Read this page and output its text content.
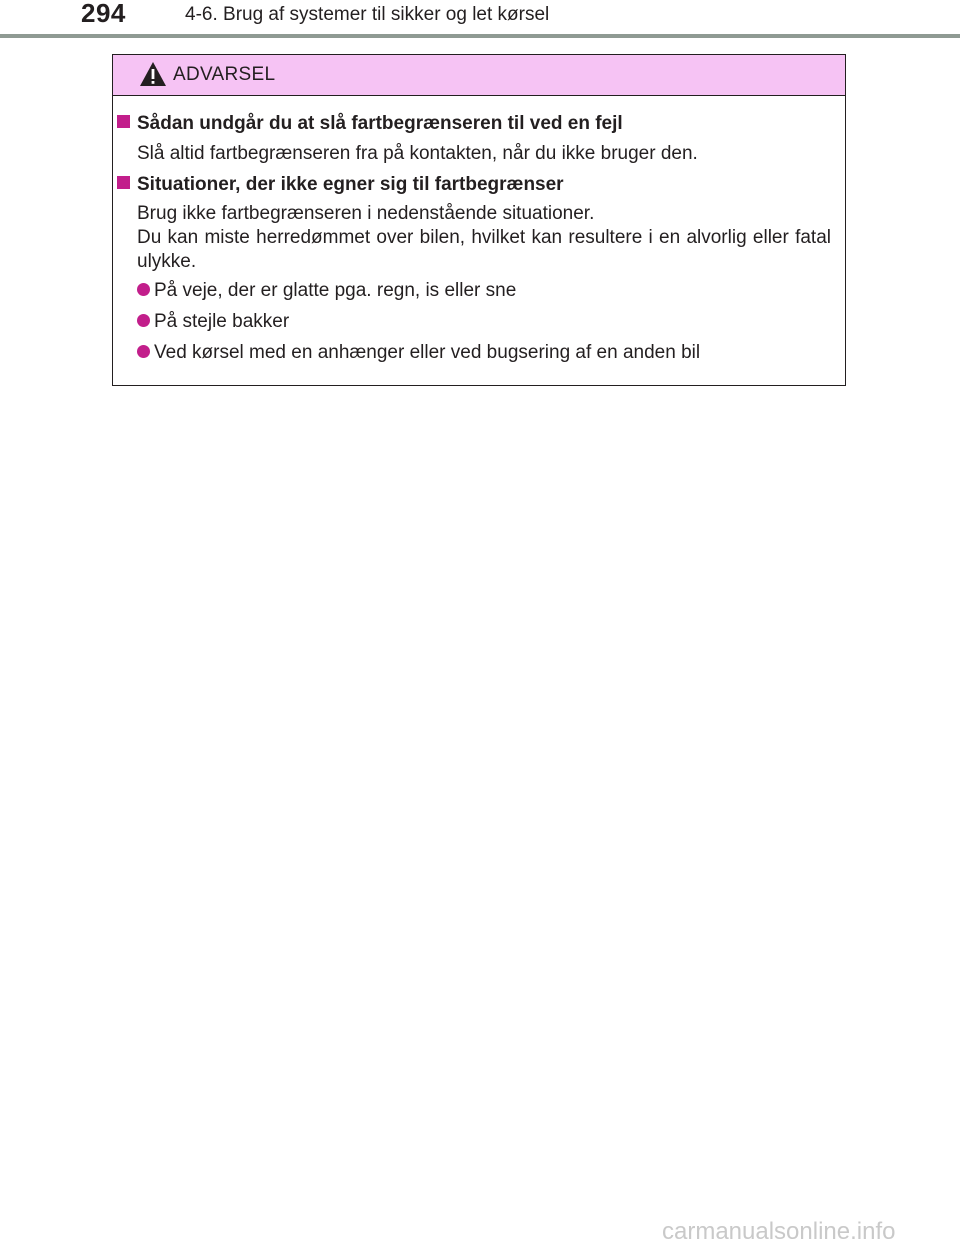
294	4-6. Brug af systemer til sikker og let kørsel
ADVARSEL
Sådan undgår du at slå fartbegrænseren til ved en fejl
Slå altid fartbegrænseren fra på kontakten, når du ikke bruger den.
Situationer, der ikke egner sig til fartbegrænser
Brug ikke fartbegrænseren i nedenstående situationer.
Du kan miste herredømmet over bilen, hvilket kan resultere i en alvorlig eller fatal ulykke.
På veje, der er glatte pga. regn, is eller sne
På stejle bakker
Ved kørsel med en anhænger eller ved bugsering af en anden bil
carmanualsonline.info
